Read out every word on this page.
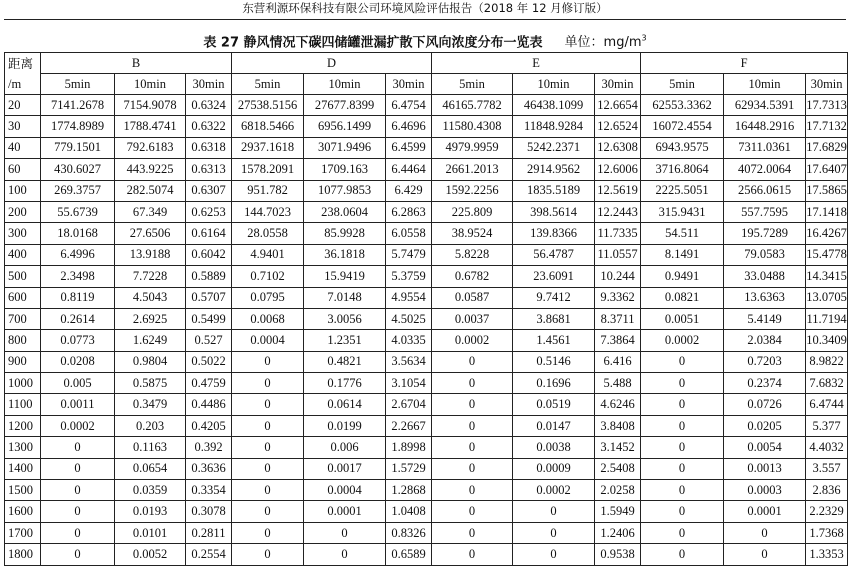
东营利源环保科技有限公司环境风险评估报告（2018 年 12 月修订版）
表 27 静风情况下碳四储罐泄漏扩散下风向浓度分布一览表 单位：$mg/m^3$
距离
/m	B			D			E			F		
	5min	10min	30min	5min	10min	30min	5min	10min	30min	5min	10min	30min
20	7141.2678	7154.9078	0.6324	27538.5156	27677.8399	6.4754	46165.7782	46438.1099	12.6654	62553.3362	62934.5391	17.7313
30	1774.8989	1788.4741	0.6322	6818.5466	6956.1499	6.4696	11580.4308	11848.9284	12.6524	16072.4554	16448.2916	17.7132
40	779.1501	792.6183	0.6318	2937.1618	3071.9496	6.4599	4979.9959	5242.2371	12.6308	6943.9575	7311.0361	17.6829
60	430.6027	443.9225	0.6313	1578.2091	1709.163	6.4464	2661.2013	2914.9562	12.6006	3716.8064	4072.0064	17.6407
100	269.3757	282.5074	0.6307	951.782	1077.9853	6.429	1592.2256	1835.5189	12.5619	2225.5051	2566.0615	17.5865
200	55.6739	67.349	0.6253	144.7023	238.0604	6.2863	225.809	398.5614	12.2443	315.9431	557.7595	17.1418
300	18.0168	27.6506	0.6164	28.0558	85.9928	6.0558	38.9524	139.8366	11.7335	54.511	195.7289	16.4267
400	6.4996	13.9188	0.6042	4.9401	36.1818	5.7479	5.8228	56.4787	11.0557	8.1491	79.0583	15.4778
500	2.3498	7.7228	0.5889	0.7102	15.9419	5.3759	0.6782	23.6091	10.244	0.9491	33.0488	14.3415
600	0.8119	4.5043	0.5707	0.0795	7.0148	4.9554	0.0587	9.7412	9.3362	0.0821	13.6363	13.0705
700	0.2614	2.6925	0.5499	0.0068	3.0056	4.5025	0.0037	3.8681	8.3711	0.0051	5.4149	11.7194
800	0.0773	1.6249	0.527	0.0004	1.2351	4.0335	0.0002	1.4561	7.3864	0.0002	2.0384	10.3409
900	0.0208	0.9804	0.5022	0	0.4821	3.5634	0	0.5146	6.416	0	0.7203	8.9822
1000	0.005	0.5875	0.4759	0	0.1776	3.1054	0	0.1696	5.488	0	0.2374	7.6832
1100	0.0011	0.3479	0.4486	0	0.0614	2.6704	0	0.0519	4.6246	0	0.0726	6.4744
1200	0.0002	0.203	0.4205	0	0.0199	2.2667	0	0.0147	3.8408	0	0.0205	5.377
1300	0	0.1163	0.392	0	0.006	1.8998	0	0.0038	3.1452	0	0.0054	4.4032
1400	0	0.0654	0.3636	0	0.0017	1.5729	0	0.0009	2.5408	0	0.0013	3.557
1500	0	0.0359	0.3354	0	0.0004	1.2868	0	0.0002	2.0258	0	0.0003	2.836
1600	0	0.0193	0.3078	0	0.0001	1.0408	0	0	1.5949	0	0.0001	2.2329
1700	0	0.0101	0.2811	0	0	0.8326	0	0	1.2406	0	0	1.7368
1800	0	0.0052	0.2554	0	0	0.6589	0	0	0.9538	0	0	1.3353
